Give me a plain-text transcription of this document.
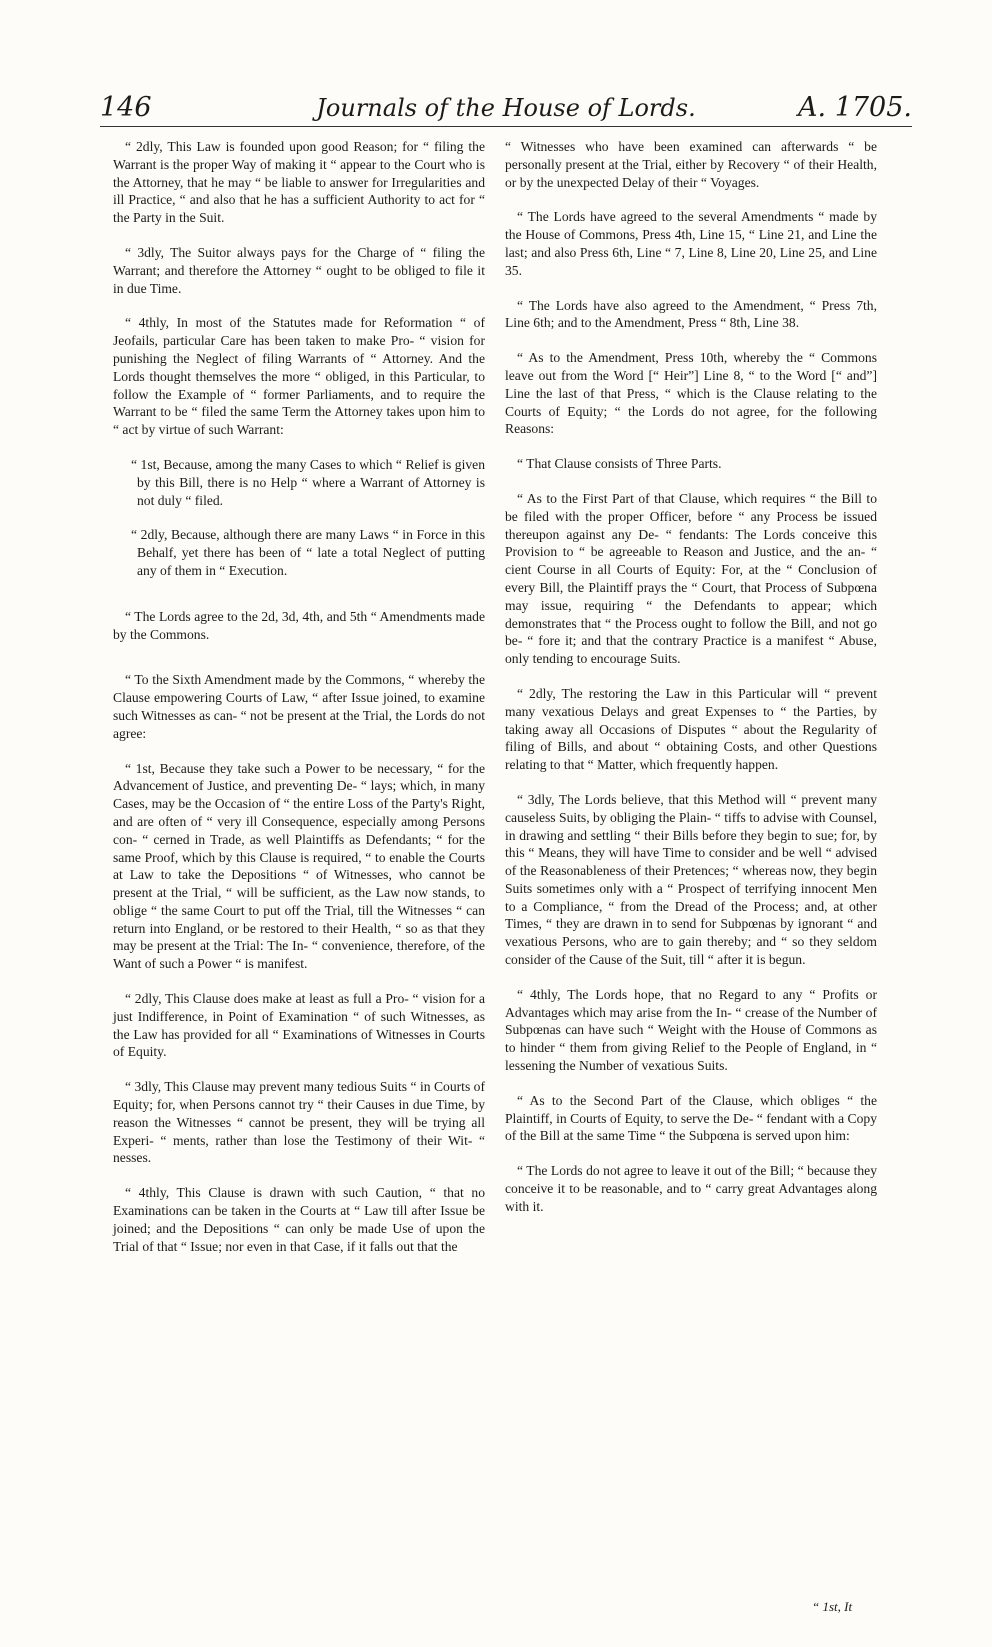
Journals of the House of Lords.
146	A. 1705.

“ 2dly, This Law is founded upon good Reason; for “ filing the Warrant is the proper Way of making it “ appear to the Court who is the Attorney, that he may “ be liable to answer for Irregularities and ill Practice, “ and also that he has a sufficient Authority to act for “ the Party in the Suit.

“ 3dly, The Suitor always pays for the Charge of “ filing the Warrant; and therefore the Attorney “ ought to be obliged to file it in due Time.

“ 4thly, In most of the Statutes made for Reformation “ of Jeofails, particular Care has been taken to make Pro- “ vision for punishing the Neglect of filing Warrants of “ Attorney. And the Lords thought themselves the more “ obliged, in this Particular, to follow the Example of “ former Parliaments, and to require the Warrant to be “ filed the same Term the Attorney takes upon him to “ act by virtue of such Warrant:

“ 1st, Because, among the many Cases to which “ Relief is given by this Bill, there is no Help “ where a Warrant of Attorney is not duly “ filed.

“ 2dly, Because, although there are many Laws “ in Force in this Behalf, yet there has been of “ late a total Neglect of putting any of them in “ Execution.

“ The Lords agree to the 2d, 3d, 4th, and 5th “ Amendments made by the Commons.

“ To the Sixth Amendment made by the Commons, “ whereby the Clause empowering Courts of Law, “ after Issue joined, to examine such Witnesses as can- “ not be present at the Trial, the Lords do not agree:

“ 1st, Because they take such a Power to be necessary, “ for the Advancement of Justice, and preventing De- “ lays; which, in many Cases, may be the Occasion of “ the entire Loss of the Party's Right, and are often of “ very ill Consequence, especially among Persons con- “ cerned in Trade, as well Plaintiffs as Defendants; “ for the same Proof, which by this Clause is required, “ to enable the Courts at Law to take the Depositions “ of Witnesses, who cannot be present at the Trial, “ will be sufficient, as the Law now stands, to oblige “ the same Court to put off the Trial, till the Witnesses “ can return into England, or be restored to their Health, “ so as that they may be present at the Trial: The In- “ convenience, therefore, of the Want of such a Power “ is manifest.

“ 2dly, This Clause does make at least as full a Pro- “ vision for a just Indifference, in Point of Examination “ of such Witnesses, as the Law has provided for all “ Examinations of Witnesses in Courts of Equity.

“ 3dly, This Clause may prevent many tedious Suits “ in Courts of Equity; for, when Persons cannot try “ their Causes in due Time, by reason the Witnesses “ cannot be present, they will be trying all Experi- “ ments, rather than lose the Testimony of their Wit- “ nesses.

“ 4thly, This Clause is drawn with such Caution, “ that no Examinations can be taken in the Courts at “ Law till after Issue be joined; and the Depositions “ can only be made Use of upon the Trial of that “ Issue; nor even in that Case, if it falls out that the

“ Witnesses who have been examined can afterwards “ be personally present at the Trial, either by Recovery “ of their Health, or by the unexpected Delay of their “ Voyages.

“ The Lords have agreed to the several Amendments “ made by the House of Commons, Press 4th, Line 15, “ Line 21, and Line the last; and also Press 6th, Line “ 7, Line 8, Line 20, Line 25, and Line 35.

“ The Lords have also agreed to the Amendment, “ Press 7th, Line 6th; and to the Amendment, Press “ 8th, Line 38.

“ As to the Amendment, Press 10th, whereby the “ Commons leave out from the Word [“ Heir”] Line 8, “ to the Word [“ and”] Line the last of that Press, “ which is the Clause relating to the Courts of Equity; “ the Lords do not agree, for the following Reasons:

“ That Clause consists of Three Parts.

“ As to the First Part of that Clause, which requires “ the Bill to be filed with the proper Officer, before “ any Process be issued thereupon against any De- “ fendants: The Lords conceive this Provision to “ be agreeable to Reason and Justice, and the an- “ cient Course in all Courts of Equity: For, at the “ Conclusion of every Bill, the Plaintiff prays the “ Court, that Process of Subpœna may issue, requiring “ the Defendants to appear; which demonstrates that “ the Process ought to follow the Bill, and not go be- “ fore it; and that the contrary Practice is a manifest “ Abuse, only tending to encourage Suits.

“ 2dly, The restoring the Law in this Particular will “ prevent many vexatious Delays and great Expenses to “ the Parties, by taking away all Occasions of Disputes “ about the Regularity of filing of Bills, and about “ obtaining Costs, and other Questions relating to that “ Matter, which frequently happen.

“ 3dly, The Lords believe, that this Method will “ prevent many causeless Suits, by obliging the Plain- “ tiffs to advise with Counsel, in drawing and settling “ their Bills before they begin to sue; for, by this “ Means, they will have Time to consider and be well “ advised of the Reasonableness of their Pretences; “ whereas now, they begin Suits sometimes only with a “ Prospect of terrifying innocent Men to a Compliance, “ from the Dread of the Process; and, at other Times, “ they are drawn in to send for Subpœnas by ignorant “ and vexatious Persons, who are to gain thereby; and “ so they seldom consider of the Cause of the Suit, till “ after it is begun.

“ 4thly, The Lords hope, that no Regard to any “ Profits or Advantages which may arise from the In- “ crease of the Number of Subpœnas can have such “ Weight with the House of Commons as to hinder “ them from giving Relief to the People of England, in “ lessening the Number of vexatious Suits.

“ As to the Second Part of the Clause, which obliges “ the Plaintiff, in Courts of Equity, to serve the De- “ fendant with a Copy of the Bill at the same Time “ the Subpœna is served upon him:

“ The Lords do not agree to leave it out of the Bill; “ because they conceive it to be reasonable, and to “ carry great Advantages along with it.

“ 1st, It
